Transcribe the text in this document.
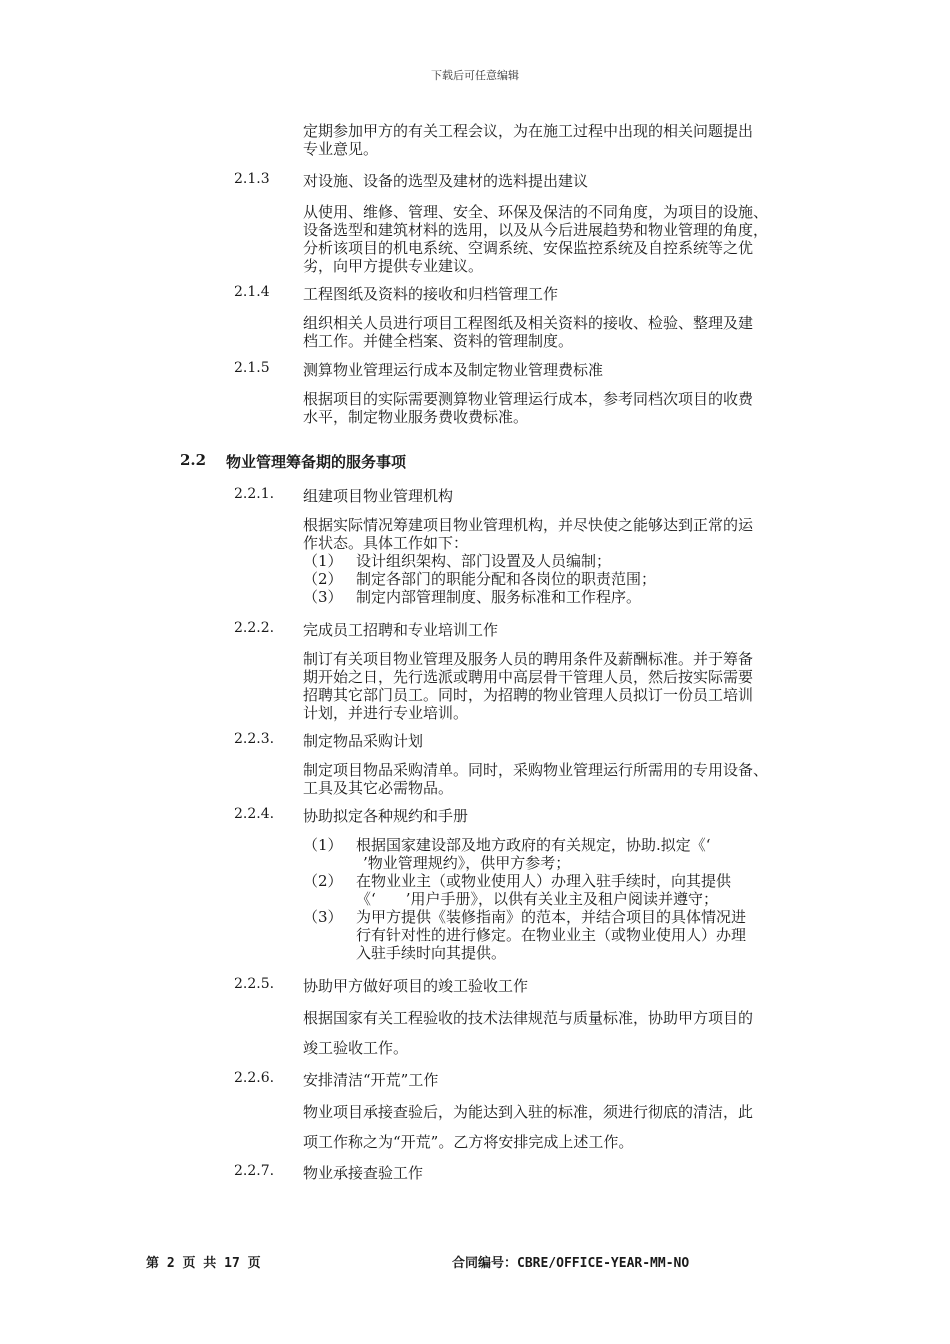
下载后可任意编辑
定期参加甲方的有关工程会议，为在施工过程中出现的相关问题提出
专业意见。
2.1.3 对设施、设备的选型及建材的选料提出建议
从使用、维修、管理、安全、环保及保洁的不同角度，为项目的设施、
设备选型和建筑材料的选用，以及从今后进展趋势和物业管理的角度，
分析该项目的机电系统、空调系统、安保监控系统及自控系统等之优
劣，向甲方提供专业建议。
2.1.4 工程图纸及资料的接收和归档管理工作
组织相关人员进行项目工程图纸及相关资料的接收、检验、整理及建
档工作。并健全档案、资料的管理制度。
2.1.5 测算物业管理运行成本及制定物业管理费标准
根据项目的实际需要测算物业管理运行成本，参考同档次项目的收费
水平，制定物业服务费收费标准。
2.2 物业管理筹备期的服务事项
2.2.1. 组建项目物业管理机构
根据实际情况筹建项目物业管理机构，并尽快使之能够达到正常的运
作状态。具体工作如下：
（1） 设计组织架构、部门设置及人员编制；
（2） 制定各部门的职能分配和各岗位的职责范围；
（3） 制定内部管理制度、服务标准和工作程序。
2.2.2. 完成员工招聘和专业培训工作
制订有关项目物业管理及服务人员的聘用条件及薪酬标准。并于筹备
期开始之日，先行选派或聘用中高层骨干管理人员，然后按实际需要
招聘其它部门员工。同时，为招聘的物业管理人员拟订一份员工培训
计划，并进行专业培训。
2.2.3. 制定物品采购计划
制定项目物品采购清单。同时，采购物业管理运行所需用的专用设备、
工具及其它必需物品。
2.2.4. 协助拟定各种规约和手册
（1） 根据国家建设部及地方政府的有关规定，协助.拟定《‘
’物业管理规约》，供甲方参考；
（2） 在物业业主（或物业使用人）办理入驻手续时，向其提供
《‘　　’用户手册》，以供有关业主及租户阅读并遵守；
（3） 为甲方提供《装修指南》的范本，并结合项目的具体情况进
行有针对性的进行修定。在物业业主（或物业使用人）办理
入驻手续时向其提供。
2.2.5. 协助甲方做好项目的竣工验收工作
根据国家有关工程验收的技术法律规范与质量标准，协助甲方项目的
竣工验收工作。
2.2.6. 安排清洁“开荒”工作
物业项目承接查验后，为能达到入驻的标准，须进行彻底的清洁，此
项工作称之为“开荒”。乙方将安排完成上述工作。
2.2.7. 物业承接查验工作
第 2 页 共 17 页	合同编号：CBRE/OFFICE-YEAR-MM-NO
